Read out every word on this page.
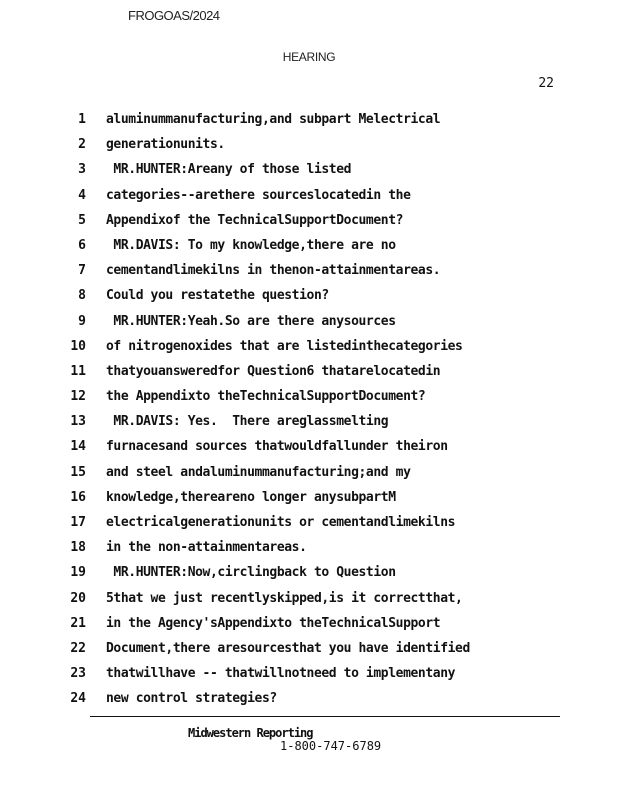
FROGOAS/2024
HEARING
22
1 aluminummanufacturing,and subpart Melectrical
2 generationunits.
3 MR.HUNTER:Areany of those listed
4 categories--arethere sourceslocatedin the
5 Appendixof the TechnicalSupportDocument?
6 MR.DAVIS: To my knowledge,there are no
7 cementandlimekilns in thenon-attainmentareas.
8 Could you restatethe question?
9 MR.HUNTER:Yeah.So are there anysources
10 of nitrogenoxides that are listedinthecategories
11 thatyouansweredfor Question6 thatarelocatedin
12 the Appendixto theTechnicalSupportDocument?
13 MR.DAVIS: Yes.  There areglassmelting
14 furnacesand sources thatwouldfallunder theiron
15 and steel andaluminummanufacturing;and my
16 knowledge,thereareno longer anysubpartM
17 electricalgenerationunits or cementandlimekilns
18 in the non-attainmentareas.
19 MR.HUNTER:Now,circlingback to Question
20 5that we just recentlyskipped,is it correctthat,
21 in the Agency'sAppendixto theTechnicalSupport
22 Document,there aresourcesthat you have identified
23 thatwillhave -- thatwillnotneed to implementany
24 new control strategies?
Midwestern Reporting
1-800-747-6789
